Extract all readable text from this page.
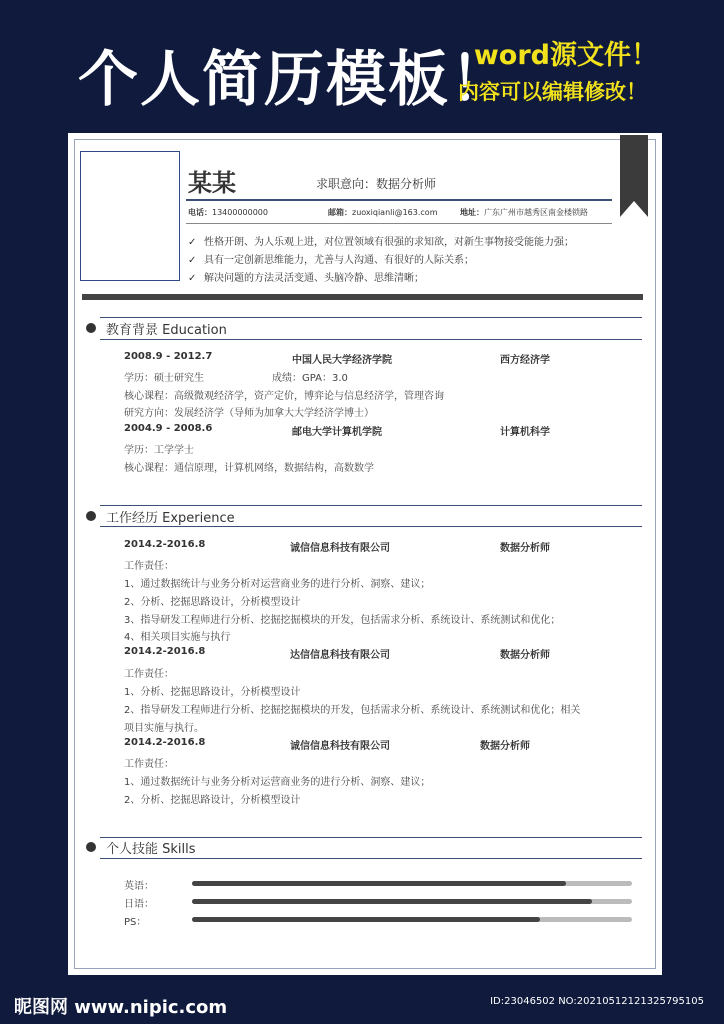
个人简历模板！
word源文件！
内容可以编辑修改！
某某	求职意向：数据分析师
电话：13400000000	邮箱：zuoxiqianli@163.com	地址：广东广州市越秀区南金楼锁路
✓ 性格开朗、为人乐观上进，对位置领域有很强的求知欲，对新生事物接受能能力强；
✓ 具有一定创新思维能力，尤善与人沟通、有很好的人际关系；
✓ 解决问题的方法灵活变通、头脑冷静、思维清晰；
教育背景 Education
2008.9 - 2012.7	中国人民大学经济学院	西方经济学
学历：硕士研究生	成绩：GPA：3.0
核心课程：高级微观经济学，资产定价，博弈论与信息经济学，管理咨询
研究方向：发展经济学（导师为加拿大大学经济学博士）
2004.9 - 2008.6	邮电大学计算机学院	计算机科学
学历：工学学士
核心课程：通信原理，计算机网络，数据结构，高数数学
工作经历 Experience
2014.2-2016.8	诚信信息科技有限公司	数据分析师
工作责任：
1、通过数据统计与业务分析对运营商业务的进行分析、洞察、建议；
2、分析、挖掘思路设计，分析模型设计
3、指导研发工程师进行分析、挖掘挖掘模块的开发，包括需求分析、系统设计、系统测试和优化；
4、相关项目实施与执行
2014.2-2016.8	达信信息科技有限公司	数据分析师
工作责任：
1、分析、挖掘思路设计，分析模型设计
2、指导研发工程师进行分析、挖掘挖掘模块的开发，包括需求分析、系统设计、系统测试和优化；相关
项目实施与执行。
2014.2-2016.8	诚信信息科技有限公司	数据分析师
工作责任：
1、通过数据统计与业务分析对运营商业务的进行分析、洞察、建议；
2、分析、挖掘思路设计，分析模型设计
个人技能 Skills
英语：
日语：
PS：
昵图网 www.nipic.com	ID:23046502 NO:20210512121325795105
